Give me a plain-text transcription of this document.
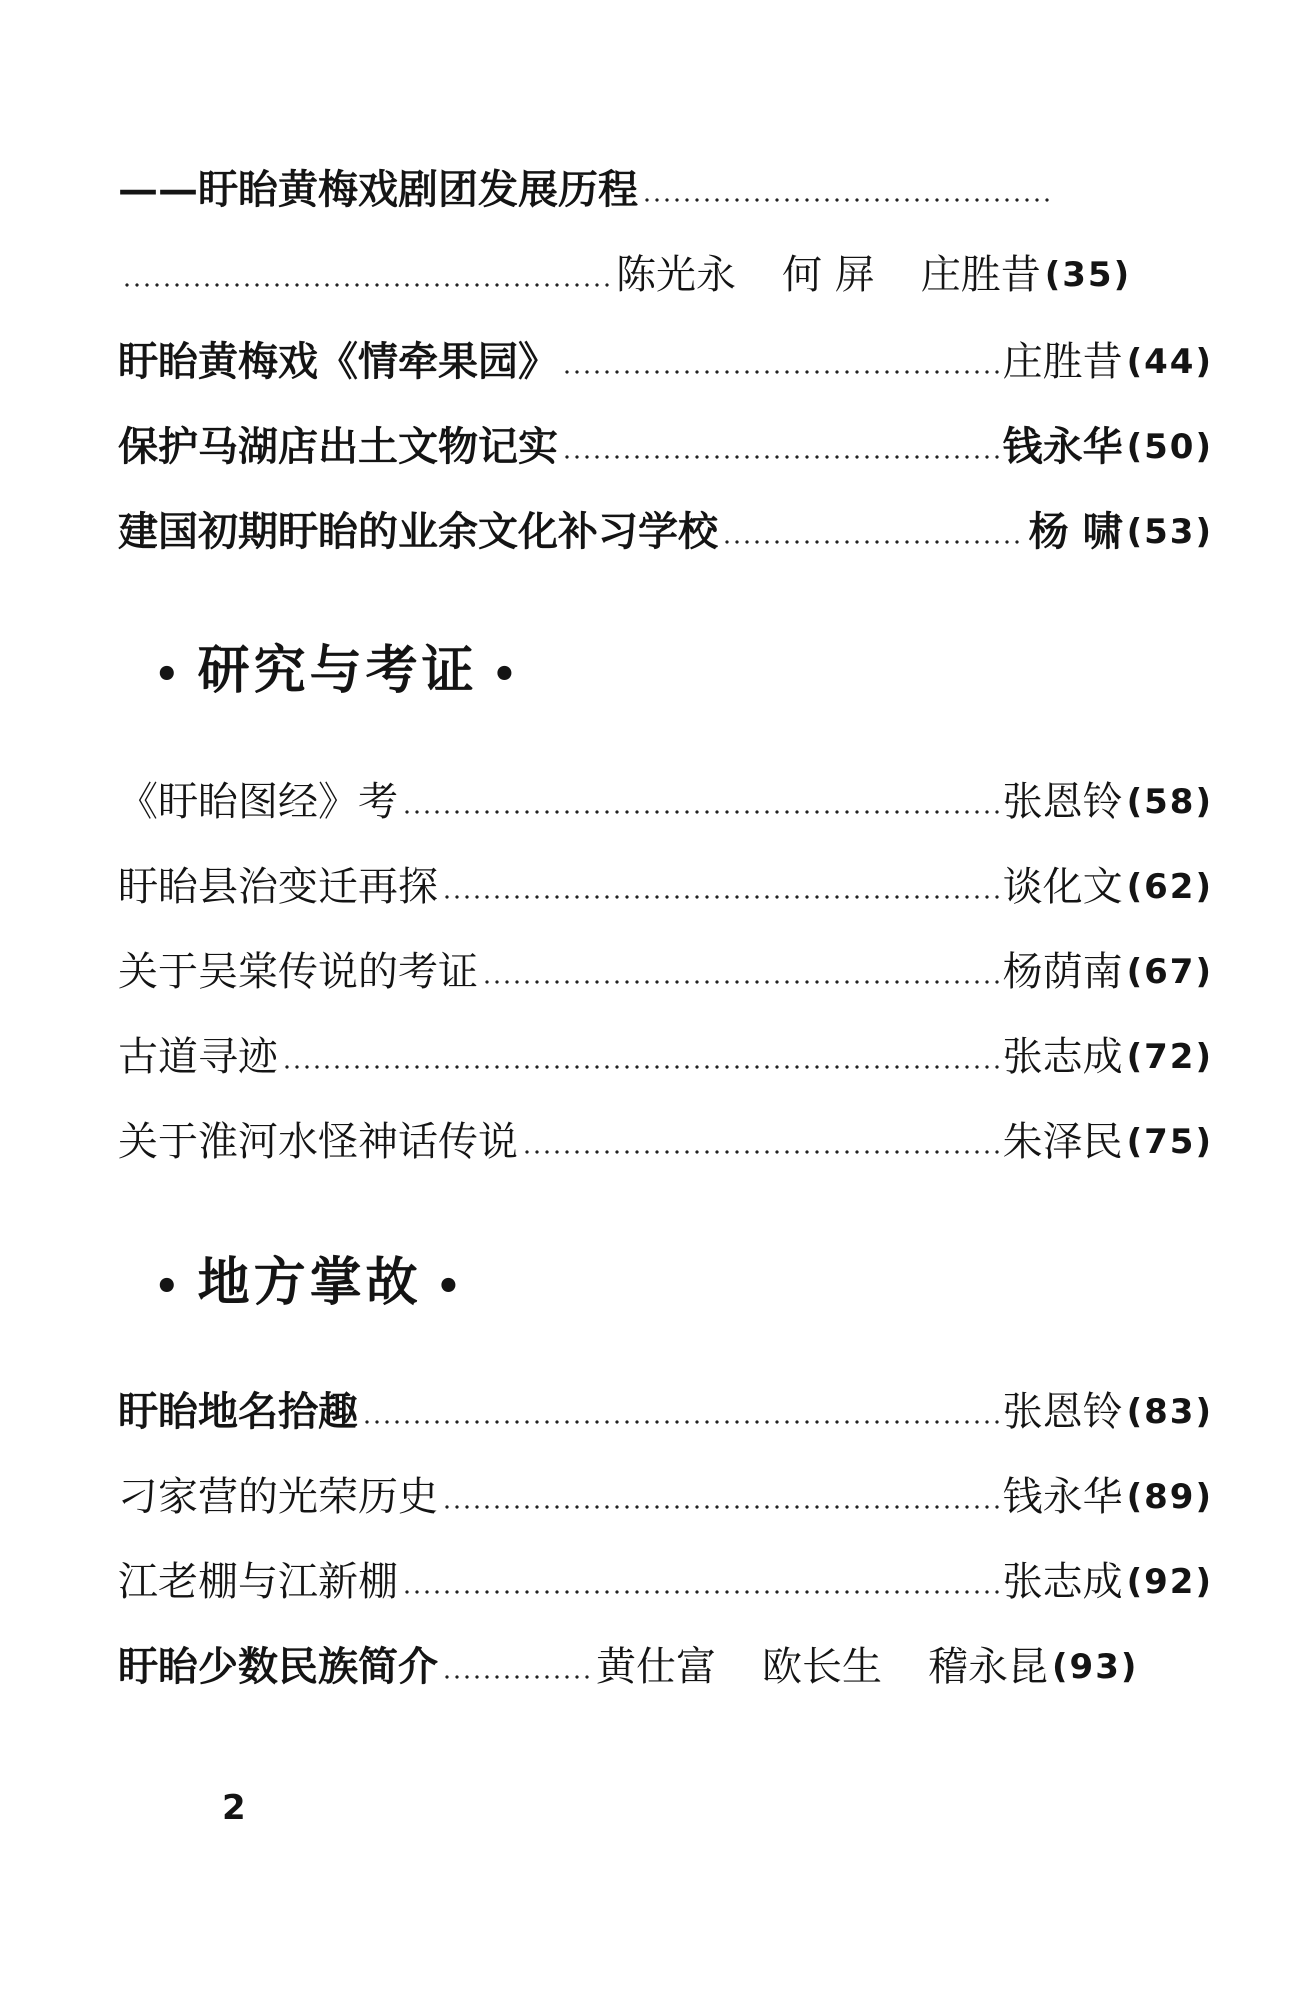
——盱眙黄梅戏剧团发展历程
陈光永 何 屏 庄胜昔 (35)
盱眙黄梅戏《情牵果园》	庄胜昔 (44)
保护马湖店出土文物记实	钱永华 (50)
建国初期盱眙的业余文化补习学校	杨 啸 (53)
• 研究与考证 •
《盱眙图经》考	张恩铃 (58)
盱眙县治变迁再探	谈化文 (62)
关于吴棠传说的考证	杨荫南 (67)
古道寻迹	张志成 (72)
关于淮河水怪神话传说	朱泽民 (75)
• 地方掌故 •
盱眙地名拾趣	张恩铃 (83)
刁家营的光荣历史	钱永华 (89)
江老棚与江新棚	张志成 (92)
盱眙少数民族简介	黄仕富 欧长生 稽永昆 (93)
2
